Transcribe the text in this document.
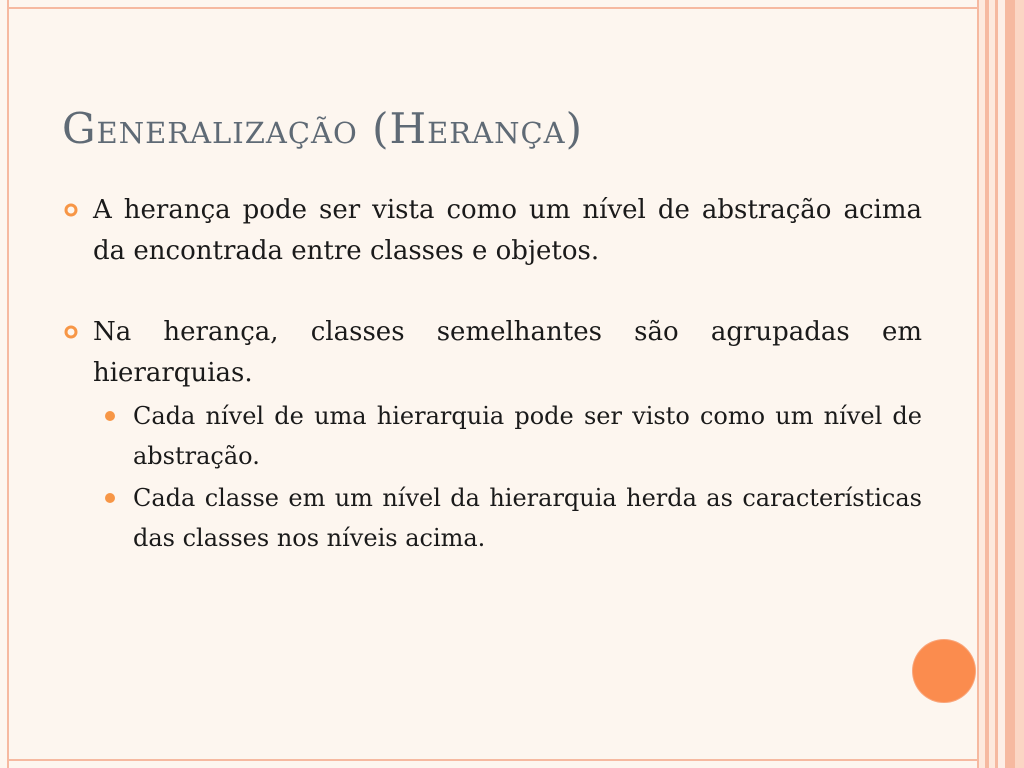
Generalização (Herança)
A herança pode ser vista como um nível de abstração acima da encontrada entre classes e objetos.
Na herança, classes semelhantes são agrupadas em hierarquias.
Cada nível de uma hierarquia pode ser visto como um nível de abstração.
Cada classe em um nível da hierarquia herda as características das classes nos níveis acima.
